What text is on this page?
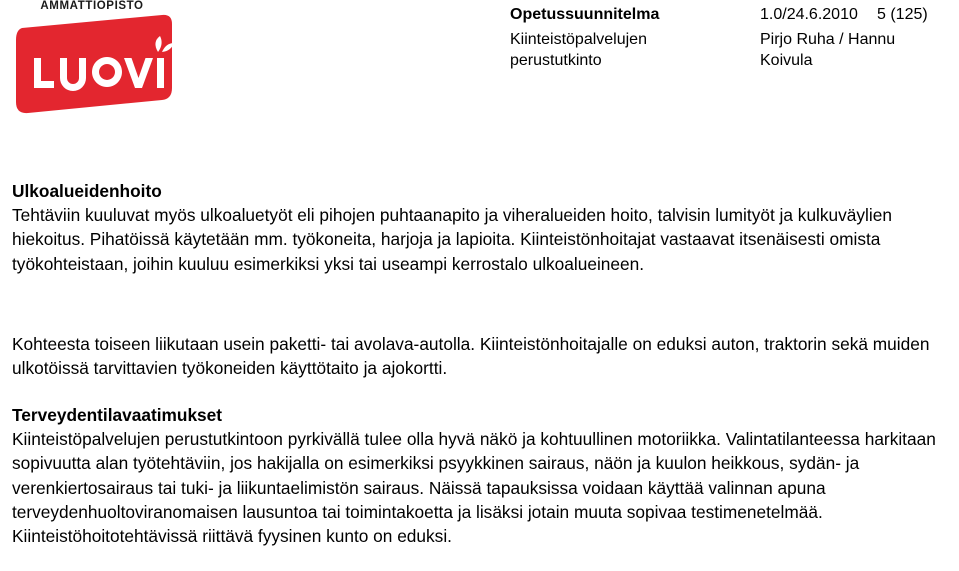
AMMATTIOPISTO	Opetussuunnitelma	1.0/24.6.2010 5 (125)
Kiinteistöpalvelujen
perustutkinto
Pirjo Ruha / Hannu
Koivula

Ulkoalueidenhoito

Tehtäviin kuuluvat myös ulkoaluetyöt eli pihojen puhtaanapito ja viheralueiden hoito, talvisin lumityöt ja kulkuväylien hiekoitus. Pihatöissä käytetään mm. työkoneita, harjoja ja lapioita. Kiinteistönhoitajat vastaavat itsenäisesti omista työkohteistaan, joihin kuuluu esimerkiksi yksi tai useampi kerrostalo ulkoalueineen.

Kohteesta toiseen liikutaan usein paketti- tai avolava-autolla. Kiinteistönhoitajalle on eduksi auton, traktorin sekä muiden ulkotöissä tarvittavien työkoneiden käyttötaito ja ajokortti.

Terveydentilavaatimukset

Kiinteistöpalvelujen perustutkintoon pyrkivällä tulee olla hyvä näkö ja kohtuullinen motoriikka. Valintatilanteessa harkitaan sopivuutta alan työtehtäviin, jos hakijalla on esimerkiksi psyykkinen sairaus, näön ja kuulon heikkous, sydän- ja verenkiertosairaus tai tuki- ja liikuntaelimistön sairaus. Näissä tapauksissa voidaan käyttää valinnan apuna terveydenhuoltoviranomaisen lausuntoa tai toimintakoetta ja lisäksi jotain muuta sopivaa testimenetelmää. Kiinteistöhoitotehtävissä riittävä fyysinen kunto on eduksi.
